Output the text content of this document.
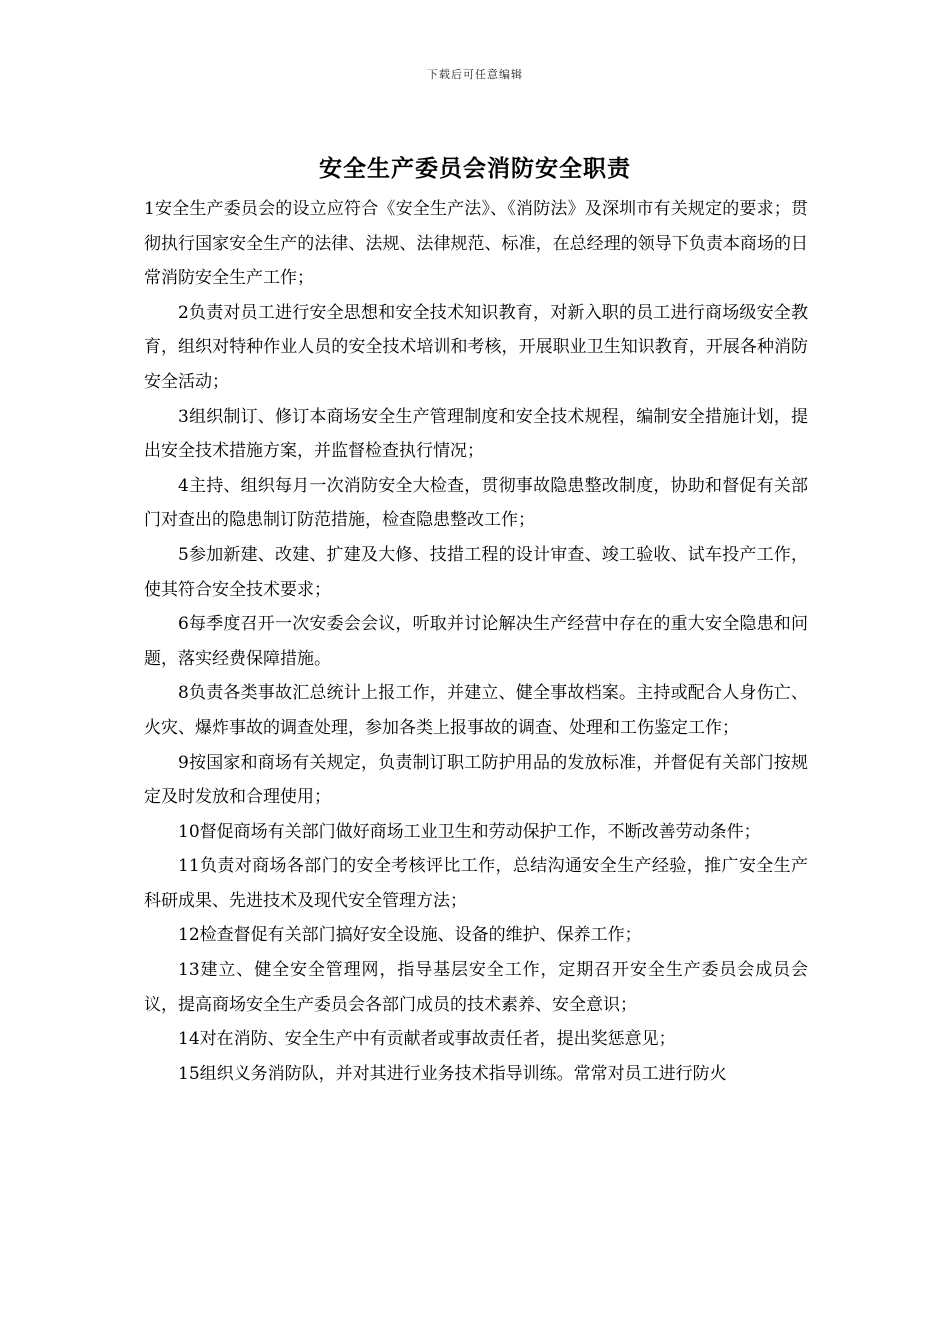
下载后可任意编辑
安全生产委员会消防安全职责

1安全生产委员会的设立应符合《安全生产法》、《消防法》及深圳市有关规定的要求；贯彻执行国家安全生产的法律、法规、法律规范、标准，在总经理的领导下负责本商场的日常消防安全生产工作；

2负责对员工进行安全思想和安全技术知识教育，对新入职的员工进行商场级安全教育，组织对特种作业人员的安全技术培训和考核，开展职业卫生知识教育，开展各种消防安全活动；

3组织制订、修订本商场安全生产管理制度和安全技术规程，编制安全措施计划，提出安全技术措施方案，并监督检查执行情况；

4主持、组织每月一次消防安全大检查，贯彻事故隐患整改制度，协助和督促有关部门对查出的隐患制订防范措施，检查隐患整改工作；

5参加新建、改建、扩建及大修、技措工程的设计审查、竣工验收、试车投产工作，使其符合安全技术要求；

6每季度召开一次安委会会议，听取并讨论解决生产经营中存在的重大安全隐患和问题，落实经费保障措施。

8负责各类事故汇总统计上报工作，并建立、健全事故档案。主持或配合人身伤亡、火灾、爆炸事故的调查处理，参加各类上报事故的调查、处理和工伤鉴定工作；

9按国家和商场有关规定，负责制订职工防护用品的发放标准，并督促有关部门按规定及时发放和合理使用；

10督促商场有关部门做好商场工业卫生和劳动保护工作，不断改善劳动条件；

11负责对商场各部门的安全考核评比工作，总结沟通安全生产经验，推广安全生产科研成果、先进技术及现代安全管理方法；

12检查督促有关部门搞好安全设施、设备的维护、保养工作；

13建立、健全安全管理网，指导基层安全工作，定期召开安全生产委员会成员会议，提高商场安全生产委员会各部门成员的技术素养、安全意识；

14对在消防、安全生产中有贡献者或事故责任者，提出奖惩意见；

15组织义务消防队，并对其进行业务技术指导训练。常常对员工进行防火
